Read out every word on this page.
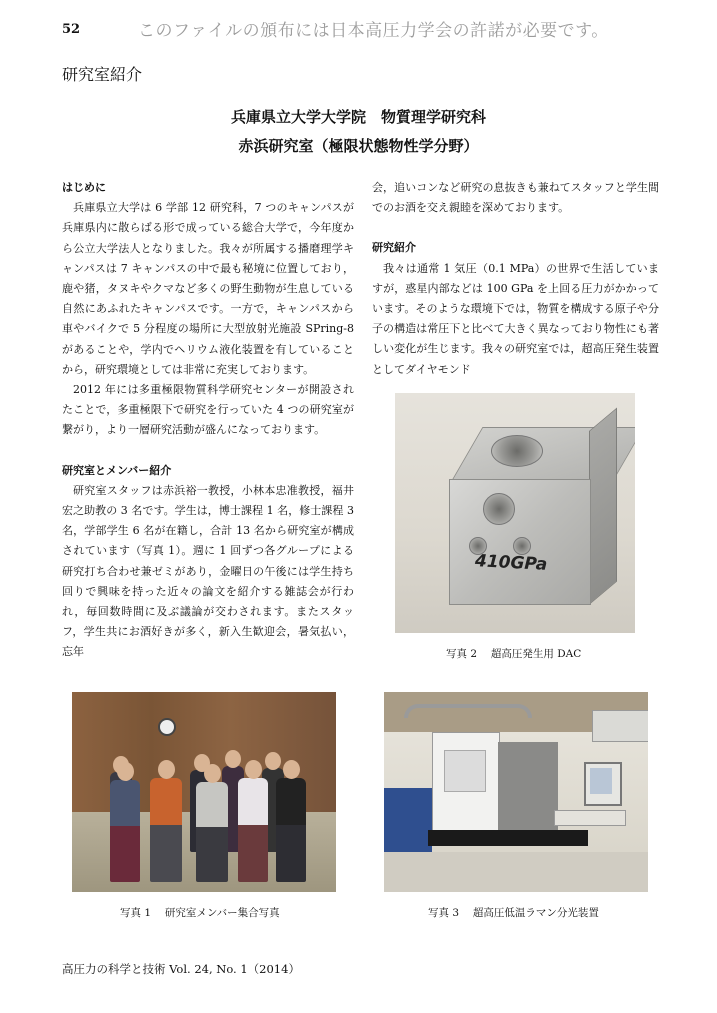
52	このファイルの頒布には日本高圧力学会の許諾が必要です。
研究室紹介
兵庫県立大学大学院　物質理学研究科
赤浜研究室（極限状態物性学分野）
はじめに

兵庫県立大学は 6 学部 12 研究科，7 つのキャンパスが兵庫県内に散らばる形で成っている総合大学で，今年度から公立大学法人となりました。我々が所属する播磨理学キャンパスは 7 キャンパスの中で最も秘境に位置しており，鹿や猪，タヌキやクマなど多くの野生動物が生息している自然にあふれたキャンパスです。一方で，キャンパスから車やバイクで 5 分程度の場所に大型放射光施設 SPring-8 があることや，学内でヘリウム液化装置を有していることから，研究環境としては非常に充実しております。

2012 年には多重極限物質科学研究センターが開設されたことで，多重極限下で研究を行っていた 4 つの研究室が繋がり，より一層研究活動が盛んになっております。

研究室とメンバー紹介

研究室スタッフは赤浜裕一教授，小林本忠准教授，福井宏之助教の 3 名です。学生は，博士課程 1 名，修士課程 3 名，学部学生 6 名が在籍し，合計 13 名から研究室が構成されています（写真 1）。週に 1 回ずつ各グループによる研究打ち合わせ兼ゼミがあり，金曜日の午後には学生持ち回りで興味を持った近々の論文を紹介する雑誌会が行われ，毎回数時間に及ぶ議論が交わされます。またスタッフ，学生共にお酒好きが多く，新入生歓迎会，暑気払い，忘年

会，追いコンなど研究の息抜きも兼ねてスタッフと学生間でのお酒を交え親睦を深めております。

研究紹介

我々は通常 1 気圧（0.1 MPa）の世界で生活していますが，惑星内部などは 100 GPa を上回る圧力がかかっています。そのような環境下では，物質を構成する原子や分子の構造は常圧下と比べて大きく異なっており物性にも著しい変化が生じます。我々の研究室では，超高圧発生装置としてダイヤモンド

410GPa
写真 2　 超高圧発生用 DAC
写真 1　 研究室メンバー集合写真	写真 3　 超高圧低温ラマン分光装置
高圧力の科学と技術 Vol. 24, No. 1（2014）
